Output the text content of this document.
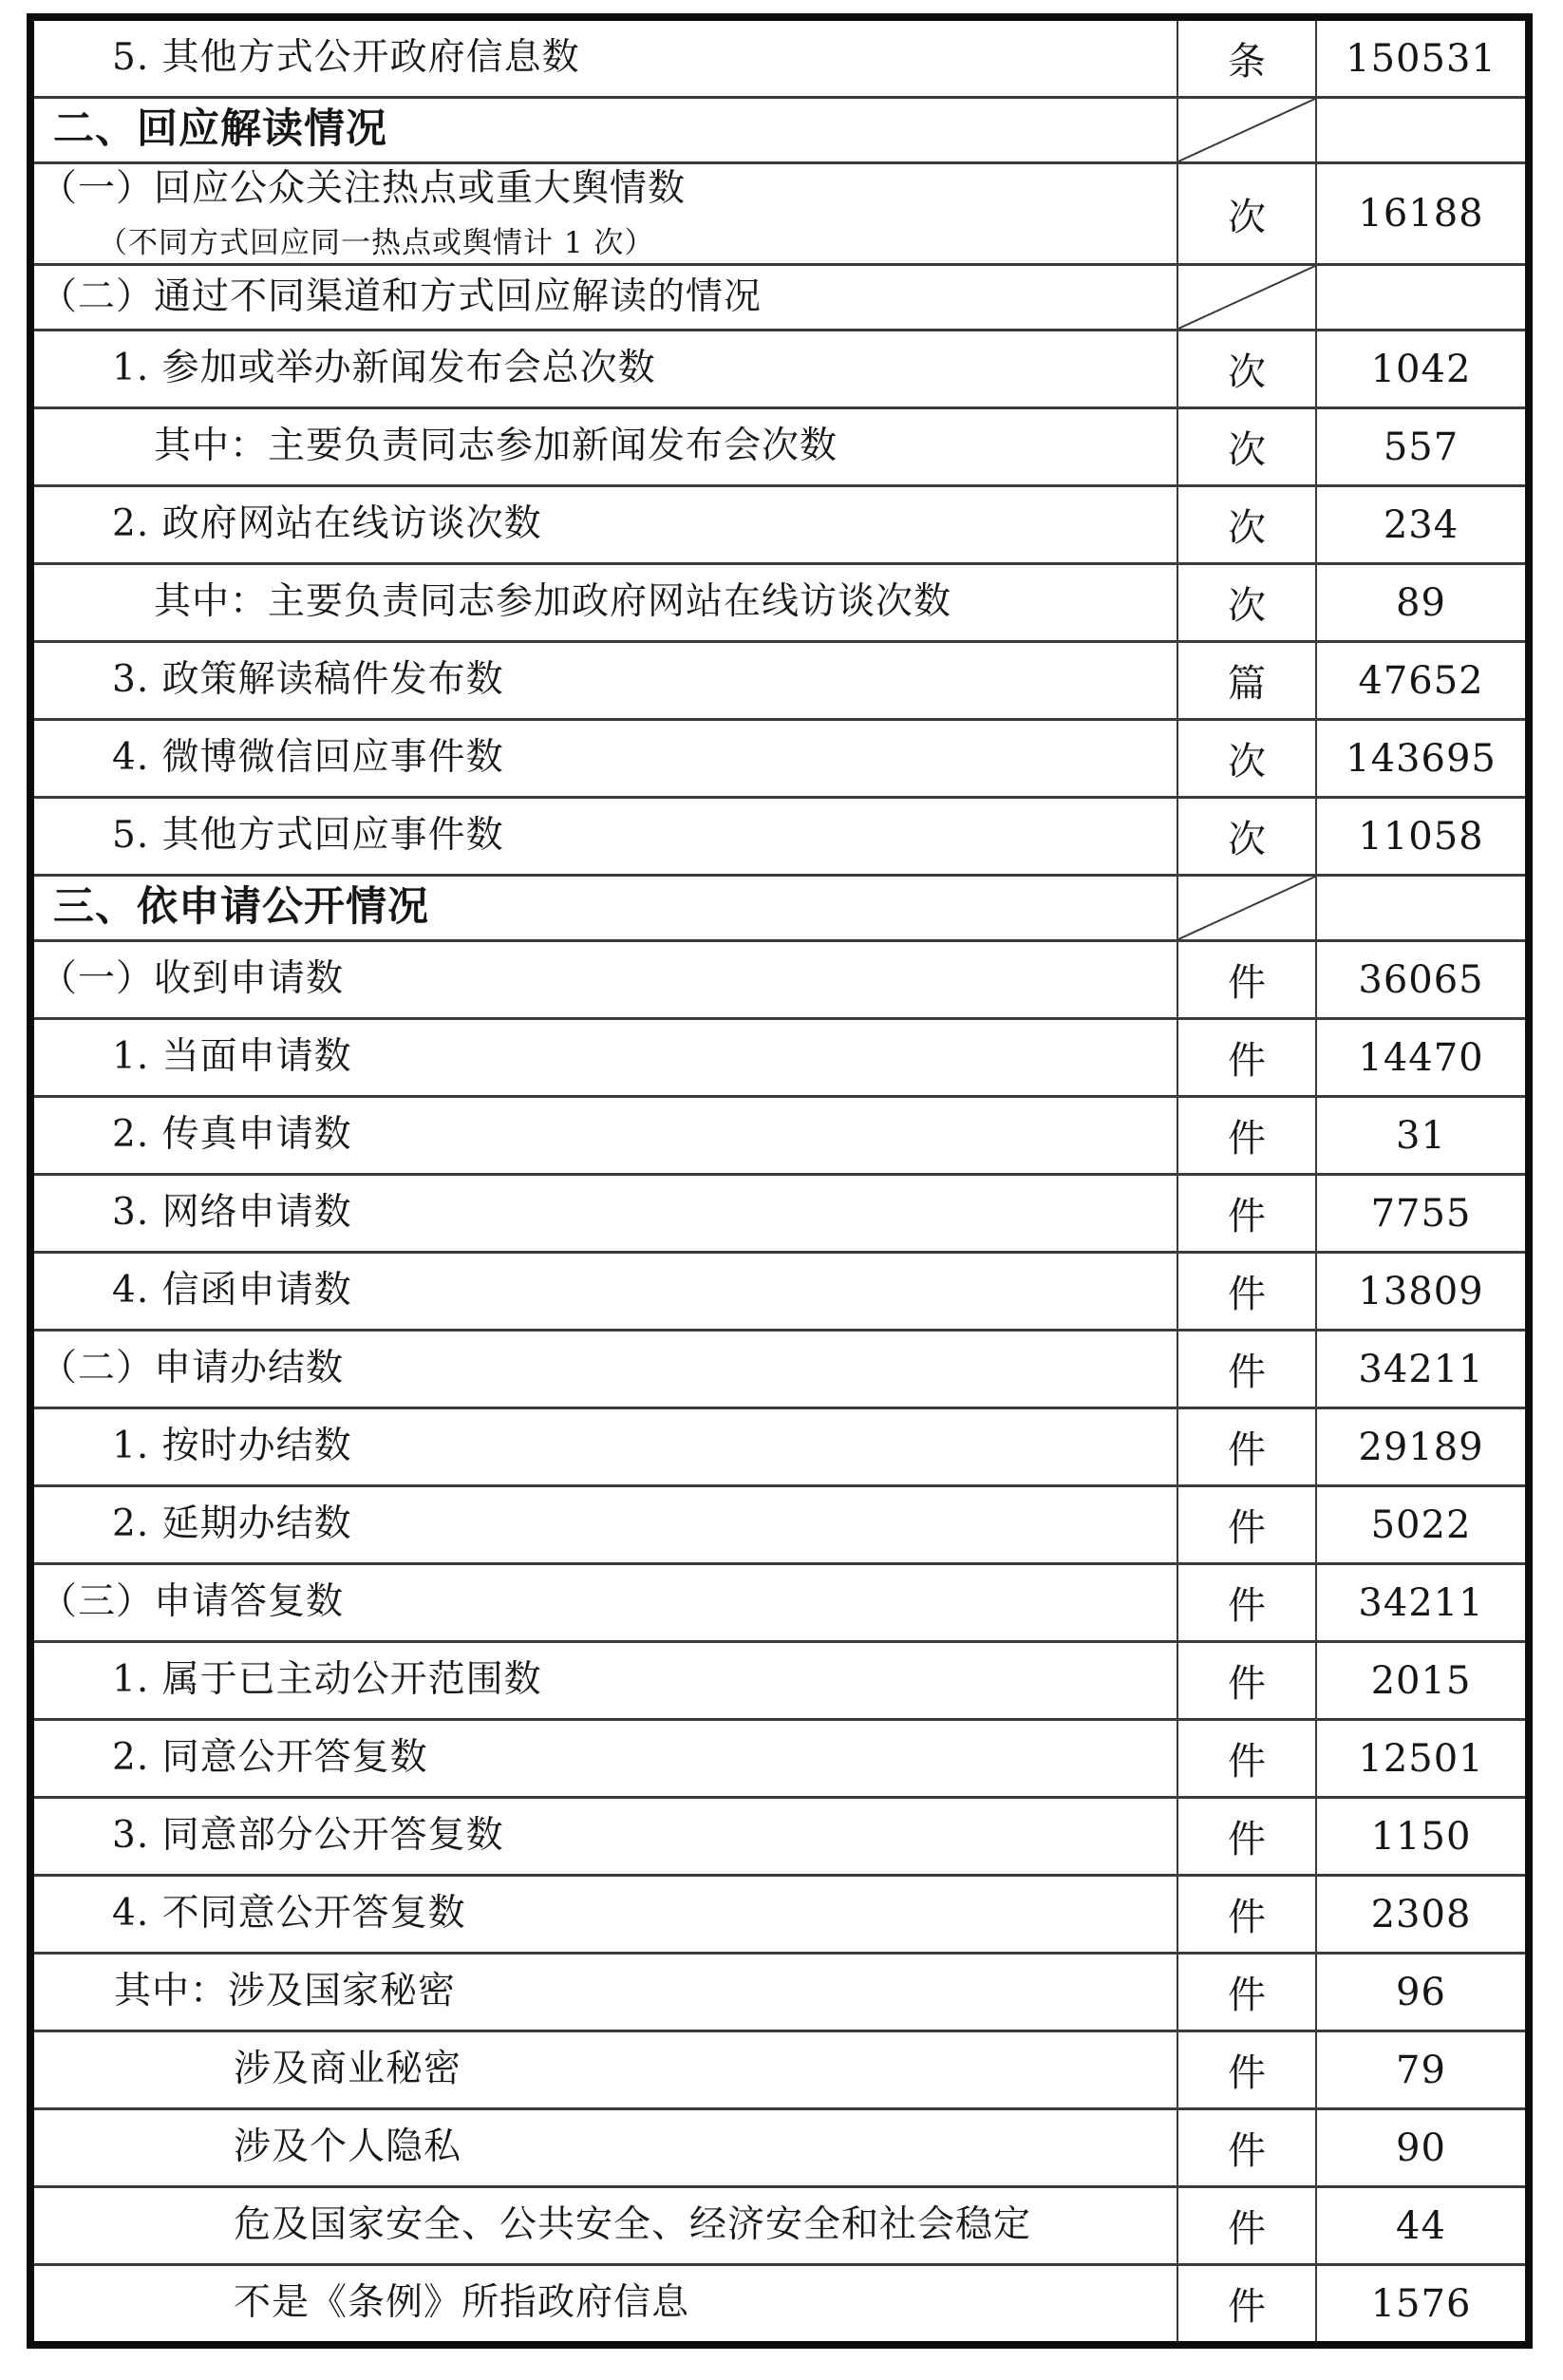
5. 其他方式公开政府信息数	条	150531

二、回应解读情况

（一）回应公众关注热点或重大舆情数
（不同方式回应同一热点或舆情计 1 次）	次	16188

（二）通过不同渠道和方式回应解读的情况

1. 参加或举办新闻发布会总次数	次	1042

其中：主要负责同志参加新闻发布会次数	次	557

2. 政府网站在线访谈次数	次	234

其中：主要负责同志参加政府网站在线访谈次数	次	89

3. 政策解读稿件发布数	篇	47652

4. 微博微信回应事件数	次	143695

5. 其他方式回应事件数	次	11058

三、依申请公开情况

（一）收到申请数	件	36065

1. 当面申请数	件	14470

2. 传真申请数	件	31

3. 网络申请数	件	7755

4. 信函申请数	件	13809

（二）申请办结数	件	34211

1. 按时办结数	件	29189

2. 延期办结数	件	5022

（三）申请答复数	件	34211

1. 属于已主动公开范围数	件	2015

2. 同意公开答复数	件	12501

3. 同意部分公开答复数	件	1150

4. 不同意公开答复数	件	2308

其中：涉及国家秘密	件	96

涉及商业秘密	件	79

涉及个人隐私	件	90

危及国家安全、公共安全、经济安全和社会稳定	件	44

不是《条例》所指政府信息	件	1576
